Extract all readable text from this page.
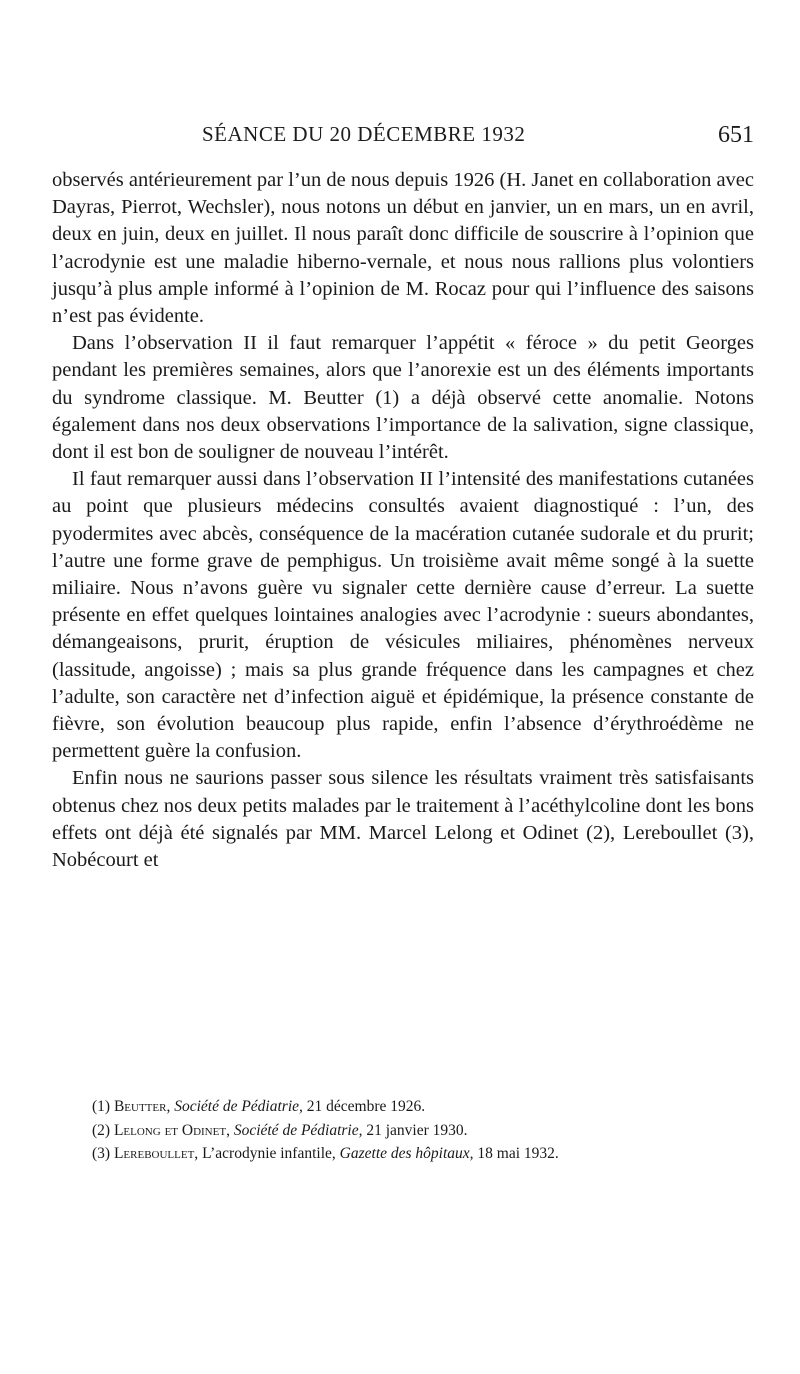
SÉANCE DU 20 DÉCEMBRE 1932	651

observés antérieurement par l’un de nous depuis 1926 (H. Janet en collaboration avec Dayras, Pierrot, Wechsler), nous notons un début en janvier, un en mars, un en avril, deux en juin, deux en juillet. Il nous paraît donc difficile de souscrire à l’opinion que l’acrodynie est une maladie hiberno-vernale, et nous nous rallions plus volontiers jusqu’à plus ample informé à l’opinion de M. Rocaz pour qui l’influence des saisons n’est pas évidente.

Dans l’observation II il faut remarquer l’appétit « féroce » du petit Georges pendant les premières semaines, alors que l’anorexie est un des éléments importants du syndrome classique. M. Beutter (1) a déjà observé cette anomalie. Notons également dans nos deux observations l’importance de la salivation, signe classique, dont il est bon de souligner de nouveau l’intérêt.

Il faut remarquer aussi dans l’observation II l’intensité des manifestations cutanées au point que plusieurs médecins consultés avaient diagnostiqué : l’un, des pyodermites avec abcès, conséquence de la macération cutanée sudorale et du prurit; l’autre une forme grave de pemphigus. Un troisième avait même songé à la suette miliaire. Nous n’avons guère vu signaler cette dernière cause d’erreur. La suette présente en effet quelques lointaines analogies avec l’acrodynie : sueurs abondantes, démangeaisons, prurit, éruption de vésicules miliaires, phénomènes nerveux (lassitude, angoisse) ; mais sa plus grande fréquence dans les campagnes et chez l’adulte, son caractère net d’infection aiguë et épidémique, la présence constante de fièvre, son évolution beaucoup plus rapide, enfin l’absence d’érythroédème ne permettent guère la confusion.

Enfin nous ne saurions passer sous silence les résultats vraiment très satisfaisants obtenus chez nos deux petits malades par le traitement à l’acéthylcoline dont les bons effets ont déjà été signalés par MM. Marcel Lelong et Odinet (2), Lereboullet (3), Nobécourt et

(1) Beutter, Société de Pédiatrie, 21 décembre 1926.

(2) Lelong et Odinet, Société de Pédiatrie, 21 janvier 1930.

(3) Lereboullet, L’acrodynie infantile, Gazette des hôpitaux, 18 mai 1932.
